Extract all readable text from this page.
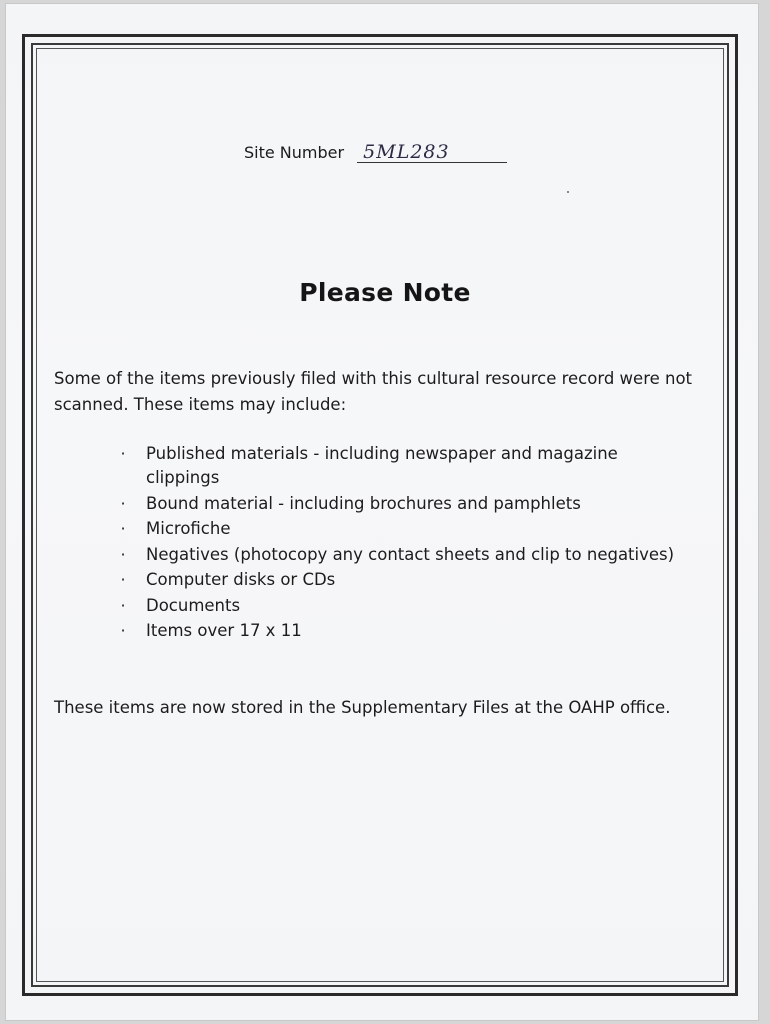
Site Number 5ML283
Please Note
Some of the items previously filed with this cultural resource record were not scanned. These items may include:
· Published materials - including newspaper and magazine clippings
· Bound material - including brochures and pamphlets
· Microfiche
· Negatives (photocopy any contact sheets and clip to negatives)
· Computer disks or CDs
· Documents
· Items over 17 x 11
These items are now stored in the Supplementary Files at the OAHP office.
